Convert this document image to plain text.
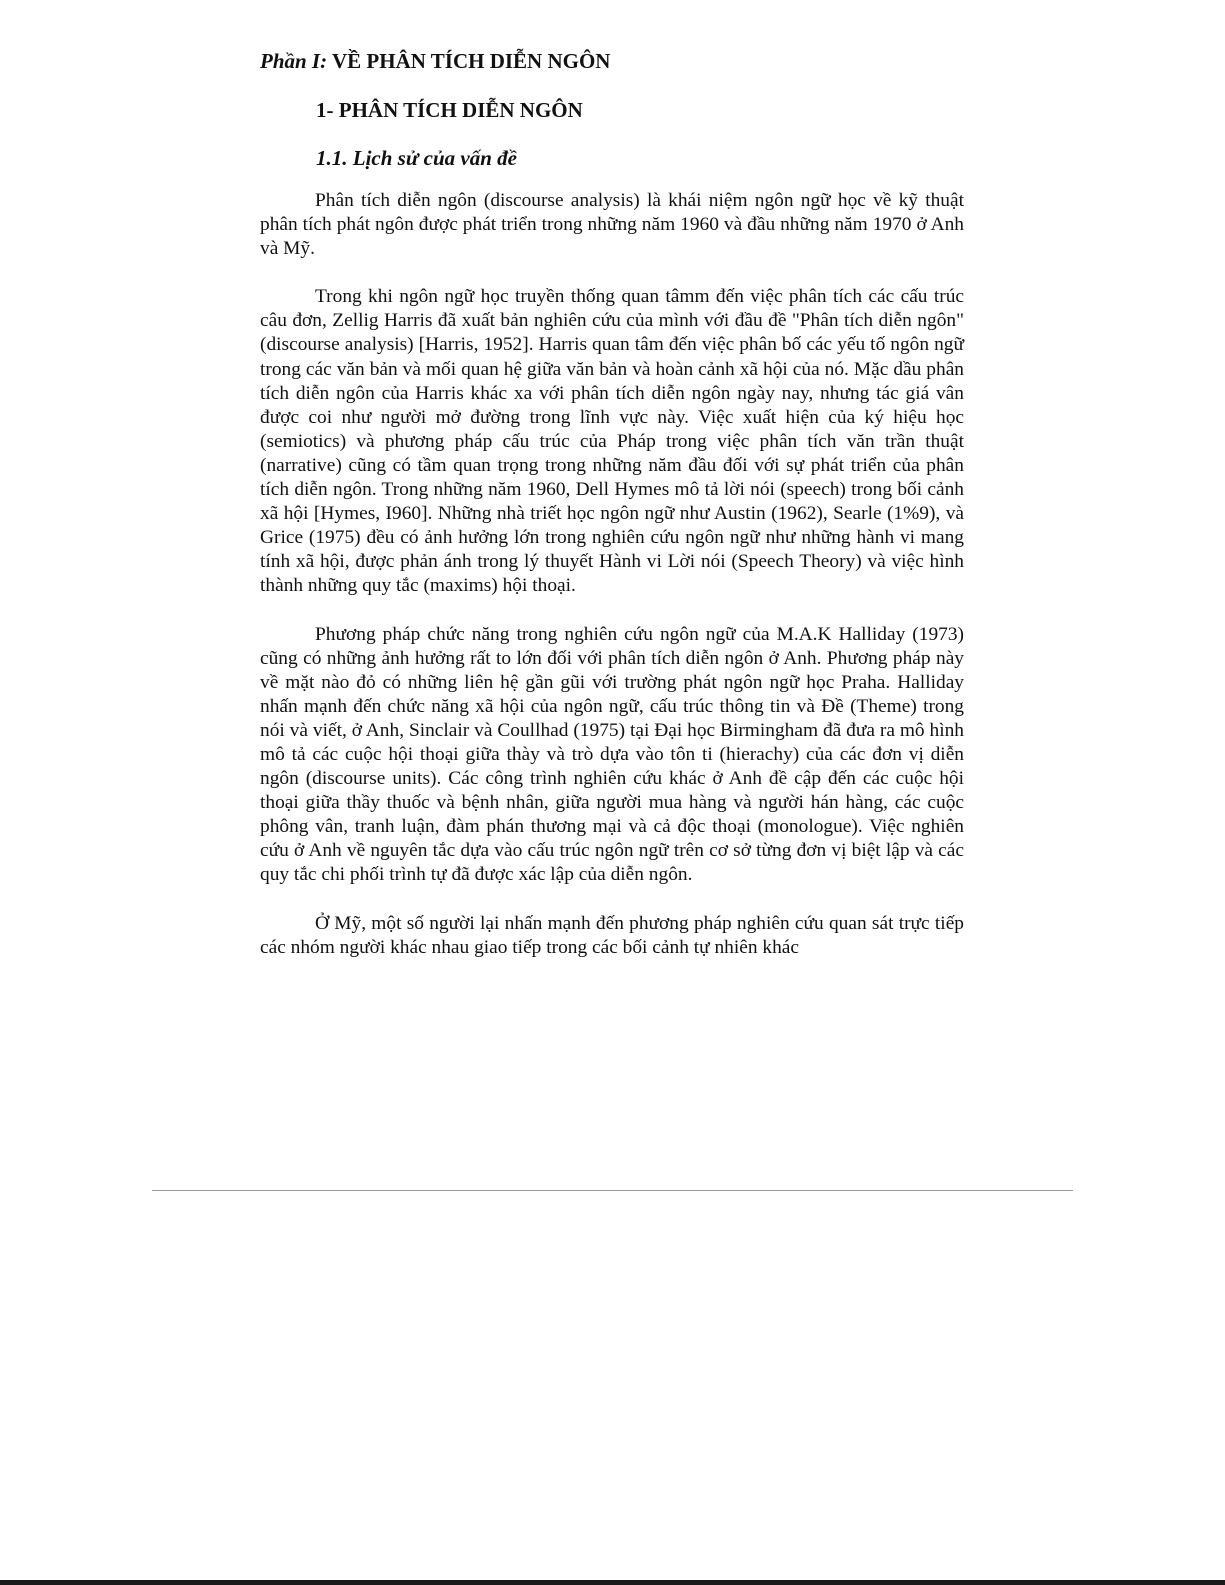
Phần I: VỀ PHÂN TÍCH DIỄN NGÔN
1- PHÂN TÍCH DIỄN NGÔN
1.1. Lịch sử của vấn đề

Phân tích diễn ngôn (discourse analysis) là khái niệm ngôn ngữ học về kỹ thuật phân tích phát ngôn được phát triển trong những năm 1960 và đầu những năm 1970 ở Anh và Mỹ.

Trong khi ngôn ngữ học truyền thống quan tâmm đến việc phân tích các cấu trúc câu đơn, Zellig Harris đã xuất bản nghiên cứu của mình với đầu đề "Phân tích diễn ngôn" (discourse analysis) [Harris, 1952]. Harris quan tâm đến việc phân bố các yếu tố ngôn ngữ trong các văn bản và mối quan hệ giữa văn bản và hoàn cảnh xã hội của nó. Mặc dầu phân tích diễn ngôn của Harris khác xa với phân tích diễn ngôn ngày nay, nhưng tác giá vân được coi như người mở đường trong lĩnh vực này. Việc xuất hiện của ký hiệu học (semiotics) và phương pháp cấu trúc của Pháp trong việc phân tích văn trần thuật (narrative) cũng có tầm quan trọng trong những năm đầu đối với sự phát triển của phân tích diễn ngôn. Trong những năm 1960, Dell Hymes mô tả lời nói (speech) trong bối cảnh xã hội [Hymes, I960]. Những nhà triết học ngôn ngữ như Austin (1962), Searle (1%9), và Grice (1975) đều có ảnh hưởng lớn trong nghiên cứu ngôn ngữ như những hành vi mang tính xã hội, được phản ánh trong lý thuyết Hành vi Lời nói (Speech Theory) và việc hình thành những quy tắc (maxims) hội thoại.

Phương pháp chức năng trong nghiên cứu ngôn ngữ của M.A.K Halliday (1973) cũng có những ảnh hưởng rất to lớn đối với phân tích diễn ngôn ở Anh. Phương pháp này về mặt nào đỏ có những liên hệ gần gũi với trường phát ngôn ngữ học Praha. Halliday nhấn mạnh đến chức năng xã hội của ngôn ngữ, cấu trúc thông tin và Đề (Theme) trong nói và viết, ở Anh, Sinclair và Coullhad (1975) tại Đại học Birmingham đã đưa ra mô hình mô tả các cuộc hội thoại giữa thày và trò dựa vào tôn ti (hierachy) của các đơn vị diễn ngôn (discourse units). Các công trình nghiên cứu khác ở Anh đề cập đến các cuộc hội thoại giữa thầy thuốc và bệnh nhân, giữa người mua hàng và người hán hàng, các cuộc phông vân, tranh luận, đàm phán thương mại và cả độc thoại (monologue). Việc nghiên cứu ở Anh về nguyên tắc dựa vào cấu trúc ngôn ngữ trên cơ sở từng đơn vị biệt lập và các quy tắc chi phối trình tự đã được xác lập của diễn ngôn.

Ở Mỹ, một số người lại nhấn mạnh đến phương pháp nghiên cứu quan sát trực tiếp các nhóm người khác nhau giao tiếp trong các bối cảnh tự nhiên khác
